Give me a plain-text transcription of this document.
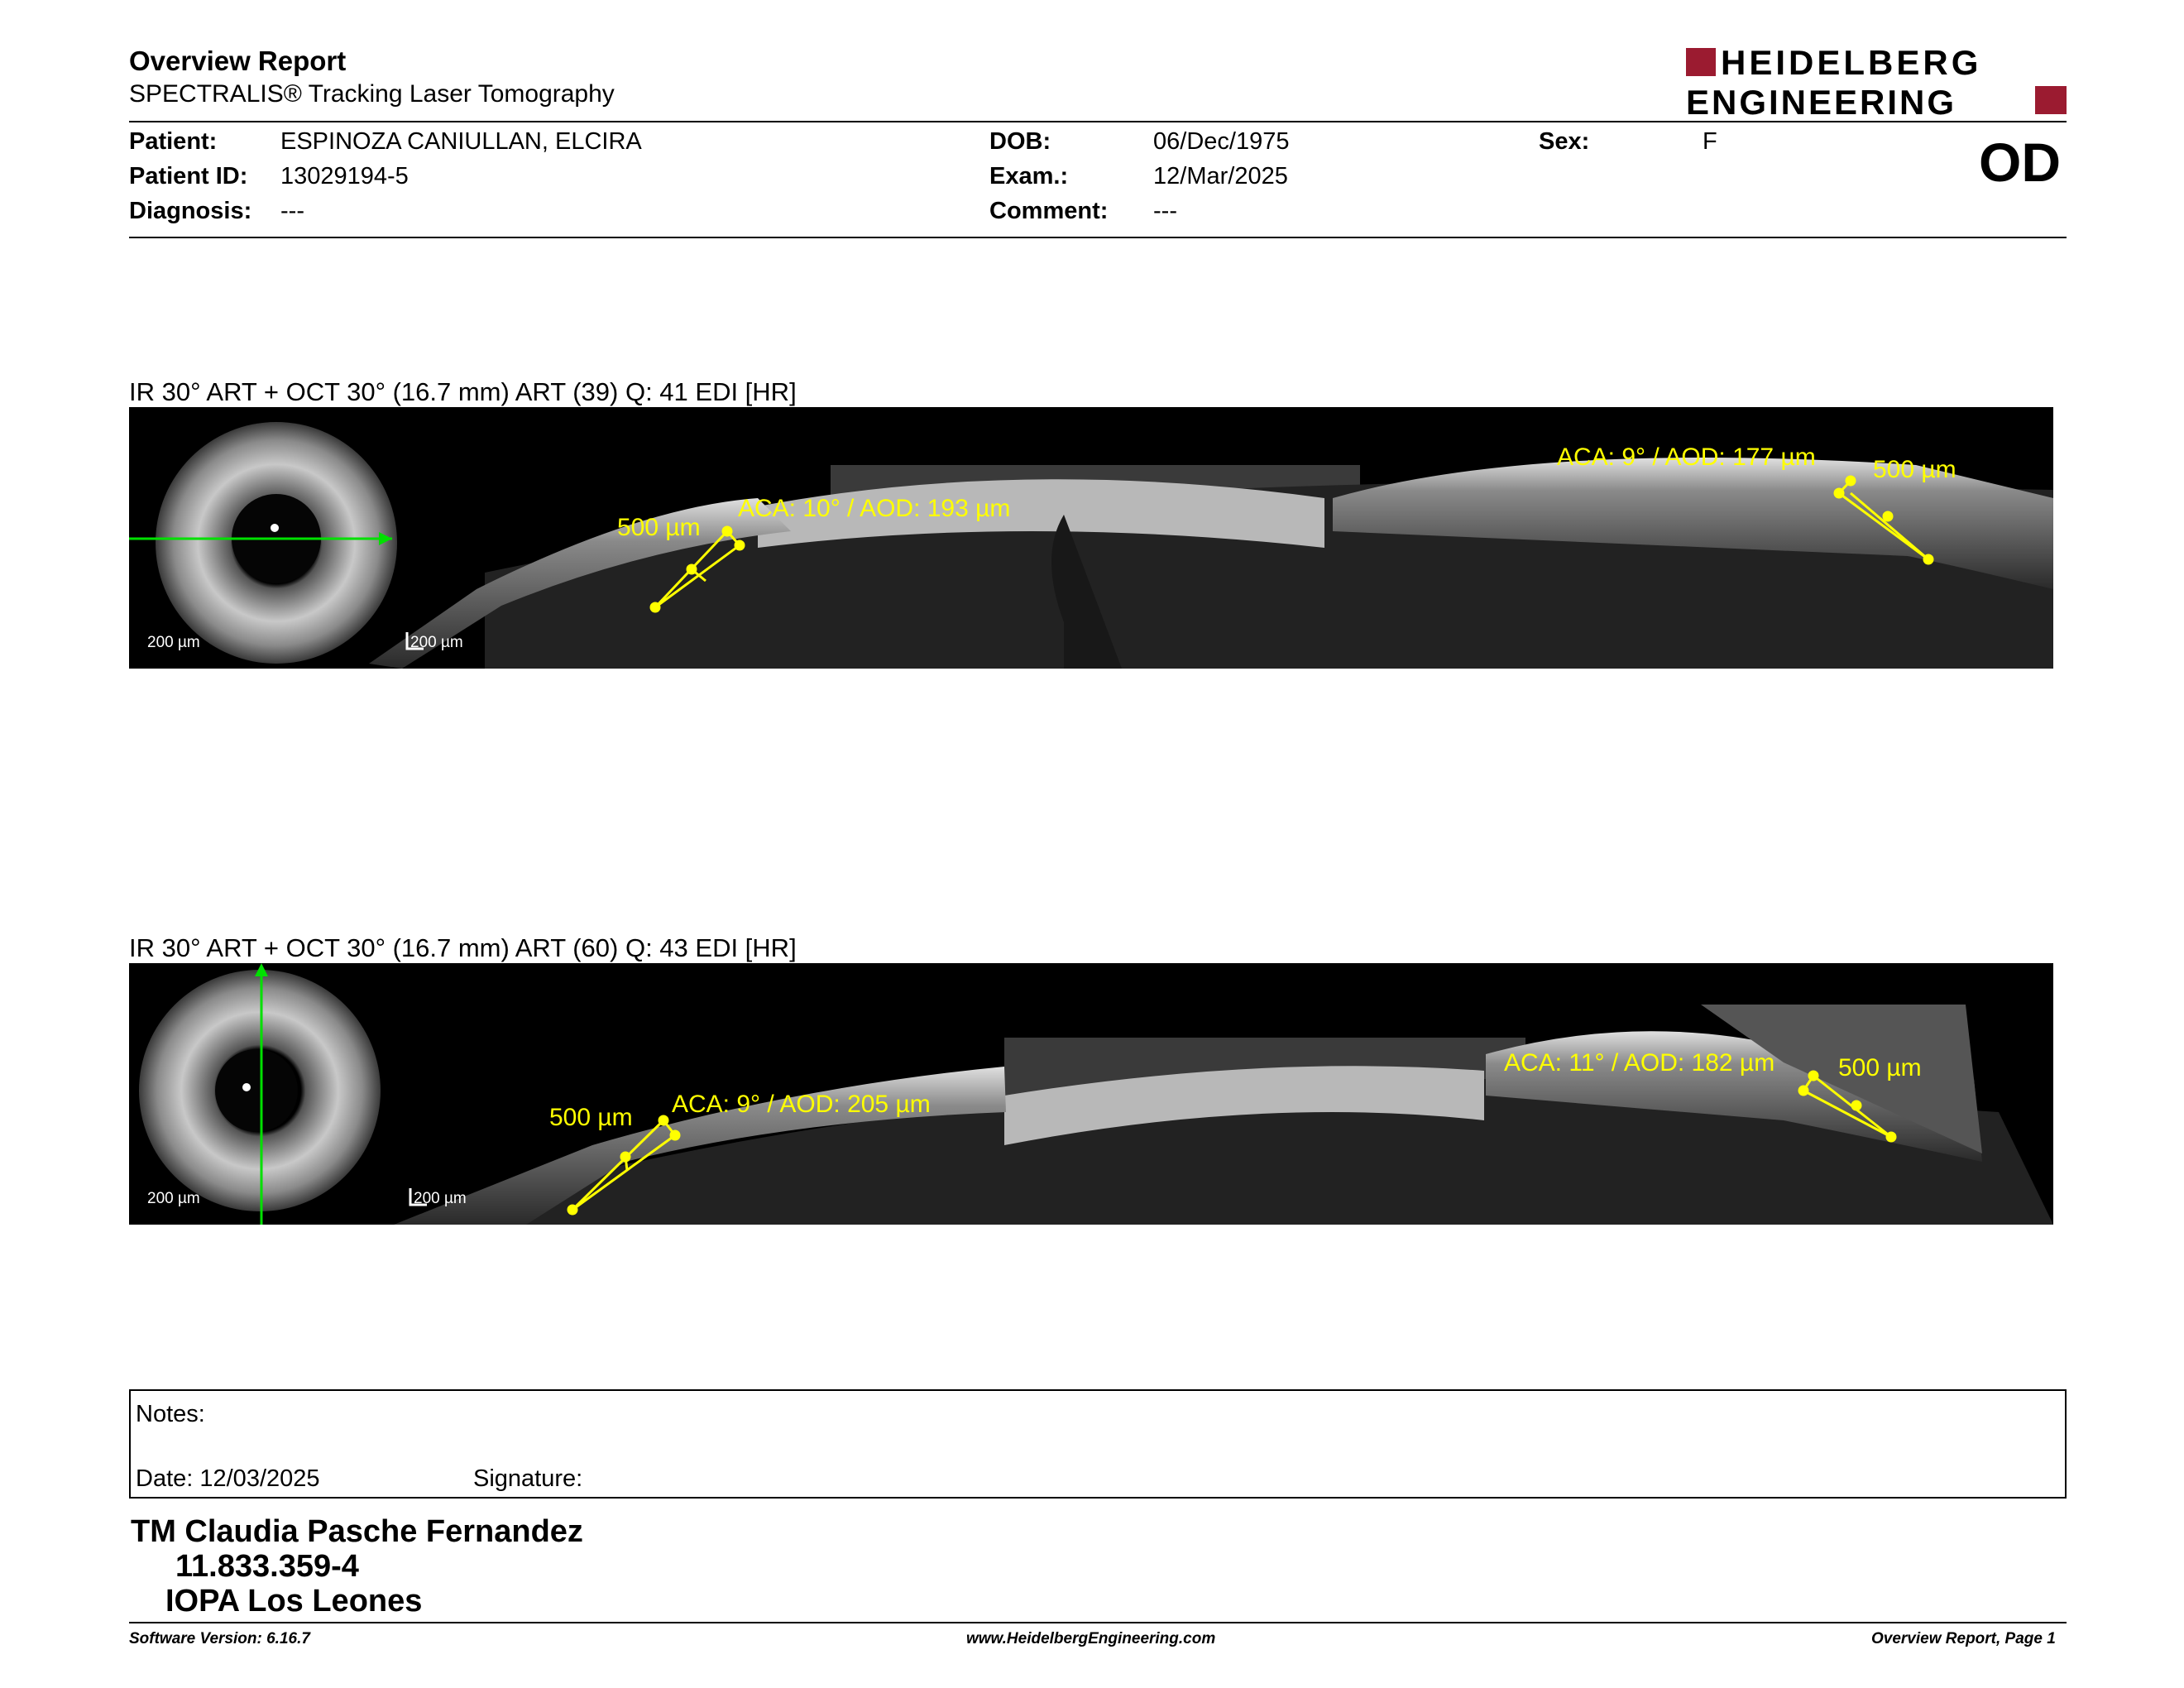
Overview Report
SPECTRALIS® Tracking Laser Tomography
HEIDELBERG
ENGINEERING
Patient:	ESPINOZA CANIULLAN, ELCIRA
Patient ID: 13029194-5
Diagnosis: ---
DOB:	06/Dec/1975
Exam.:	12/Mar/2025
Comment: ---
Sex:	F	OD
IR 30° ART + OCT 30° (16.7 mm) ART (39) Q: 41 EDI [HR]
200 µm	200 µm
500 µm
ACA: 10° / AOD: 193 µm
ACA: 9° / AOD: 177 µm 500 µm
IR 30° ART + OCT 30° (16.7 mm) ART (60) Q: 43 EDI [HR]
200 µm	200 µm
500 µm ACA: 9° / AOD: 205 µm
ACA: 11° / AOD: 182 µm	500 µm
Notes:
Date: 12/03/2025	Signature:
TM Claudia Pasche Fernandez
11.833.359-4
IOPA Los Leones
Software Version: 6.16.7	www.HeidelbergEngineering.com	Overview Report, Page 1
